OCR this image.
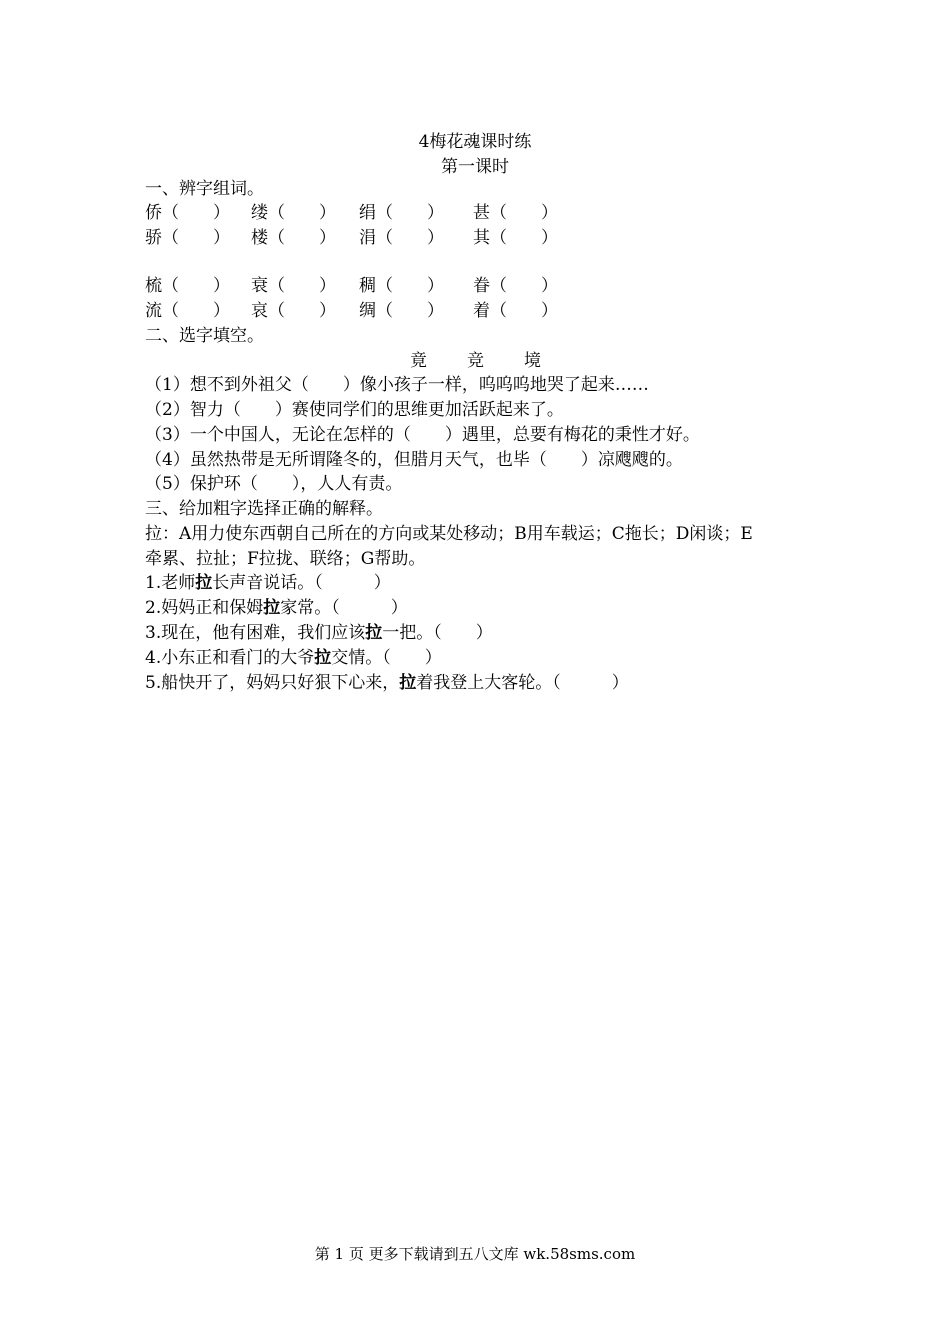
4梅花魂课时练
第一课时
一、辨字组词。
侨（　　） 缕（　　） 绢（　　） 甚（　　）
骄（　　） 楼（　　） 涓（　　） 其（　　）
梳（　　） 衰（　　） 稠（　　） 眷（　　）
流（　　） 哀（　　） 绸（　　） 着（　　）
二、选字填空。
竟 竞 境
（1）想不到外祖父（　　）像小孩子一样，呜呜呜地哭了起来……
（2）智力（　　）赛使同学们的思维更加活跃起来了。
（3）一个中国人，无论在怎样的（　　）遇里，总要有梅花的秉性才好。
（4）虽然热带是无所谓隆冬的，但腊月天气，也毕（　　）凉飕飕的。
（5）保护环（　　），人人有责。
三、给加粗字选择正确的解释。
拉：A用力使东西朝自己所在的方向或某处移动；B用车载运；C拖长；D闲谈；E
牵累、拉扯；F拉拢、联络；G帮助。
1.老师拉长声音说话。（　　　）
2.妈妈正和保姆拉家常。（　　　）
3.现在，他有困难，我们应该拉一把。（　　）
4.小东正和看门的大爷拉交情。（　　）
5.船快开了，妈妈只好狠下心来，拉着我登上大客轮。（　　　）
第 1 页 更多下载请到五八文库 wk.58sms.com
